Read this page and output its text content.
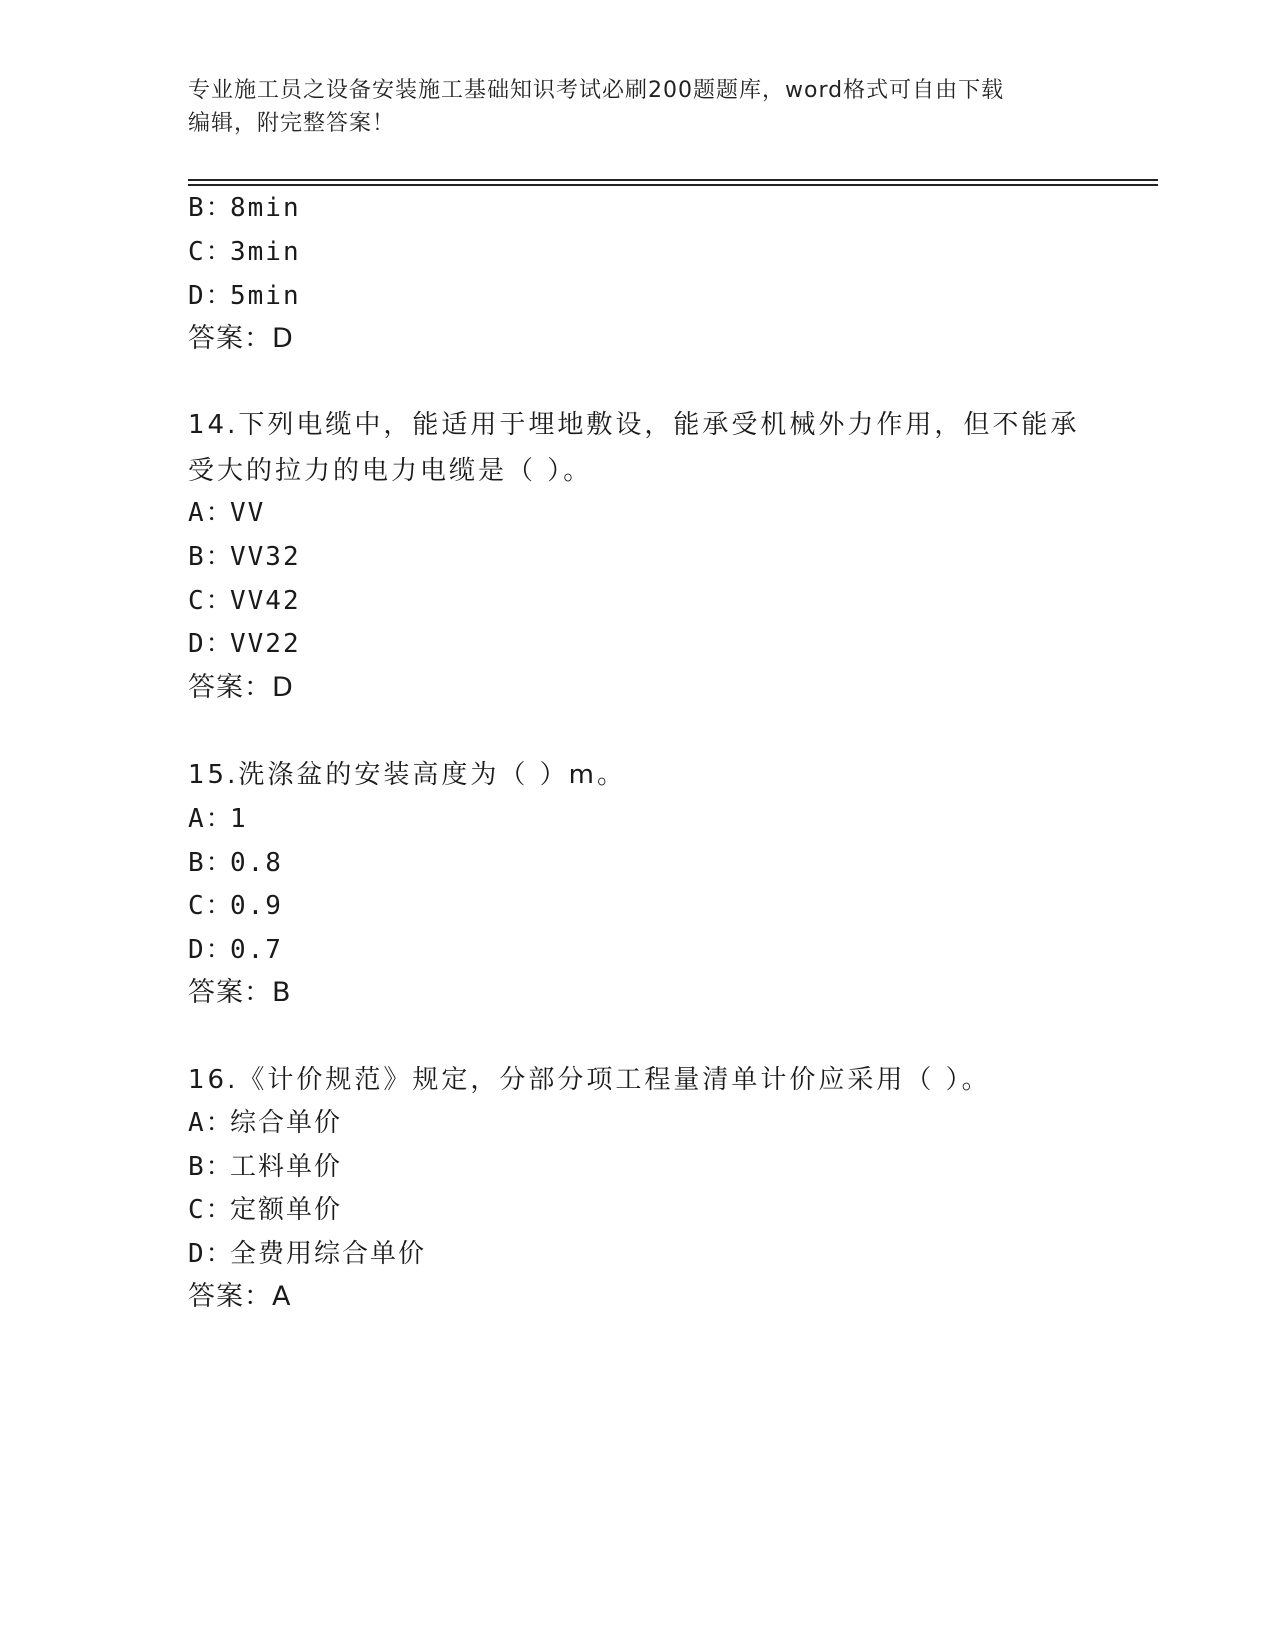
专业施工员之设备安装施工基础知识考试必刷200题题库，word格式可自由下载
编辑，附完整答案！
B：8min
C：3min
D：5min
答案：D
14.下列电缆中，能适用于埋地敷设，能承受机械外力作用，但不能承
受大的拉力的电力电缆是（ ）。
A：VV
B：VV32
C：VV42
D：VV22
答案：D
15.洗涤盆的安装高度为（ ）m。
A：1
B：0.8
C：0.9
D：0.7
答案：B
16.《计价规范》规定，分部分项工程量清单计价应采用（ ）。
A：综合单价
B：工料单价
C：定额单价
D：全费用综合单价
答案：A
